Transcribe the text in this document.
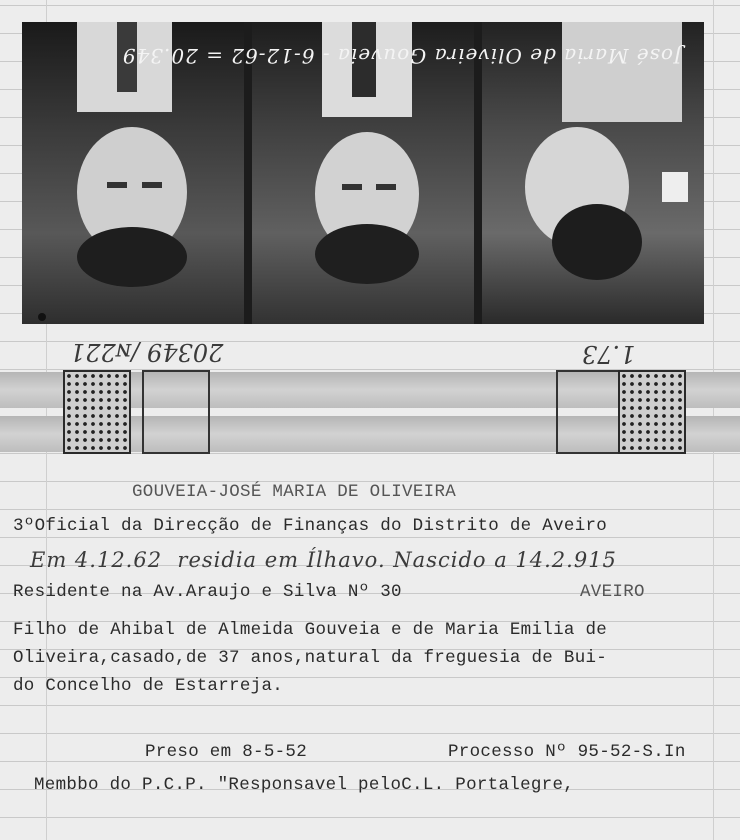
José Maria de Oliveira Gouveia - 6-12-62 = 20.349
20349 /ɴ221	1.73
GOUVEIA-JOSÉ MARIA DE OLIVEIRA
3ºOficial da Direcção de Finanças do Distrito de Aveiro
Em 4.12.62  residia em Ílhavo. Nascido a 14.2.915
Residente na Av.Araujo e Silva Nº 30	AVEIRO
Filho de Ahibal de Almeida Gouveia e de Maria Emilia de
Oliveira,casado,de 37 anos,natural da freguesia de Bui-
do Concelho de Estarreja.
Preso em 8-5-52	Processo Nº 95-52-S.In
Membbo do P.C.P. "Responsavel peloC.L. Portalegre,
